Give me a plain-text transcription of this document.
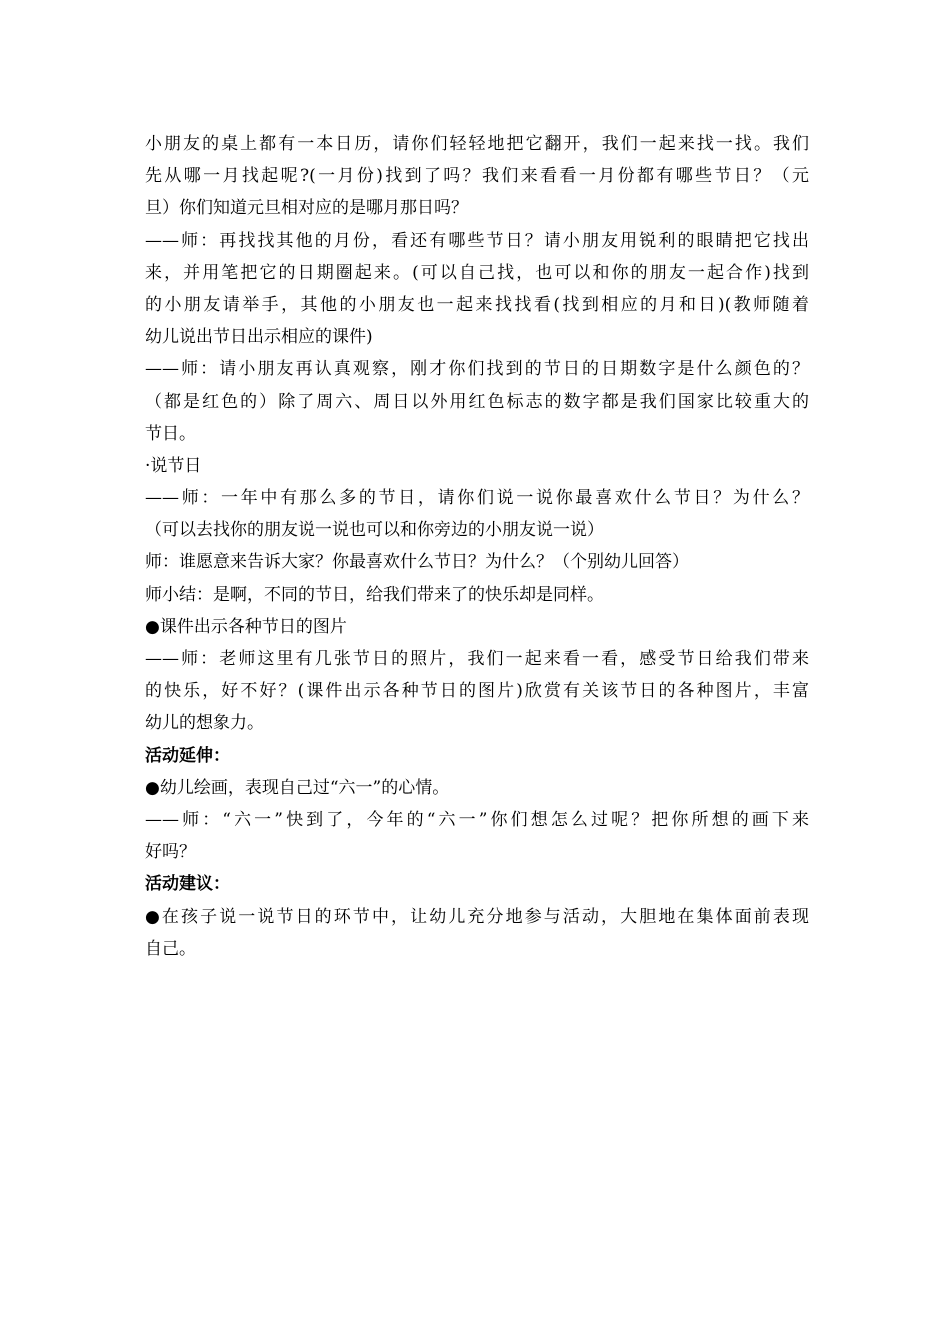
小朋友的桌上都有一本日历，请你们轻轻地把它翻开，我们一起来找一找。我们

先从哪一月找起呢?(一月份)找到了吗？我们来看看一月份都有哪些节日？（元

旦）你们知道元旦相对应的是哪月那日吗？

——师：再找找其他的月份，看还有哪些节日？请小朋友用锐利的眼睛把它找出

来，并用笔把它的日期圈起来。(可以自己找，也可以和你的朋友一起合作)找到

的小朋友请举手，其他的小朋友也一起来找找看(找到相应的月和日)(教师随着

幼儿说出节日出示相应的课件)

——师：请小朋友再认真观察，刚才你们找到的节日的日期数字是什么颜色的？

（都是红色的）除了周六、周日以外用红色标志的数字都是我们国家比较重大的

节日。

·说节日

——师：一年中有那么多的节日，请你们说一说你最喜欢什么节日？为什么？

（可以去找你的朋友说一说也可以和你旁边的小朋友说一说）

师：谁愿意来告诉大家？你最喜欢什么节日？为什么？（个别幼儿回答）

师小结：是啊，不同的节日，给我们带来了的快乐却是同样。

●课件出示各种节日的图片

——师：老师这里有几张节日的照片，我们一起来看一看，感受节日给我们带来

的快乐，好不好？(课件出示各种节日的图片)欣赏有关该节日的各种图片，丰富

幼儿的想象力。

活动延伸：

●幼儿绘画，表现自己过“六一”的心情。

——师：“六一”快到了，今年的“六一”你们想怎么过呢？把你所想的画下来

好吗？

活动建议：

●在孩子说一说节日的环节中，让幼儿充分地参与活动，大胆地在集体面前表现

自己。
